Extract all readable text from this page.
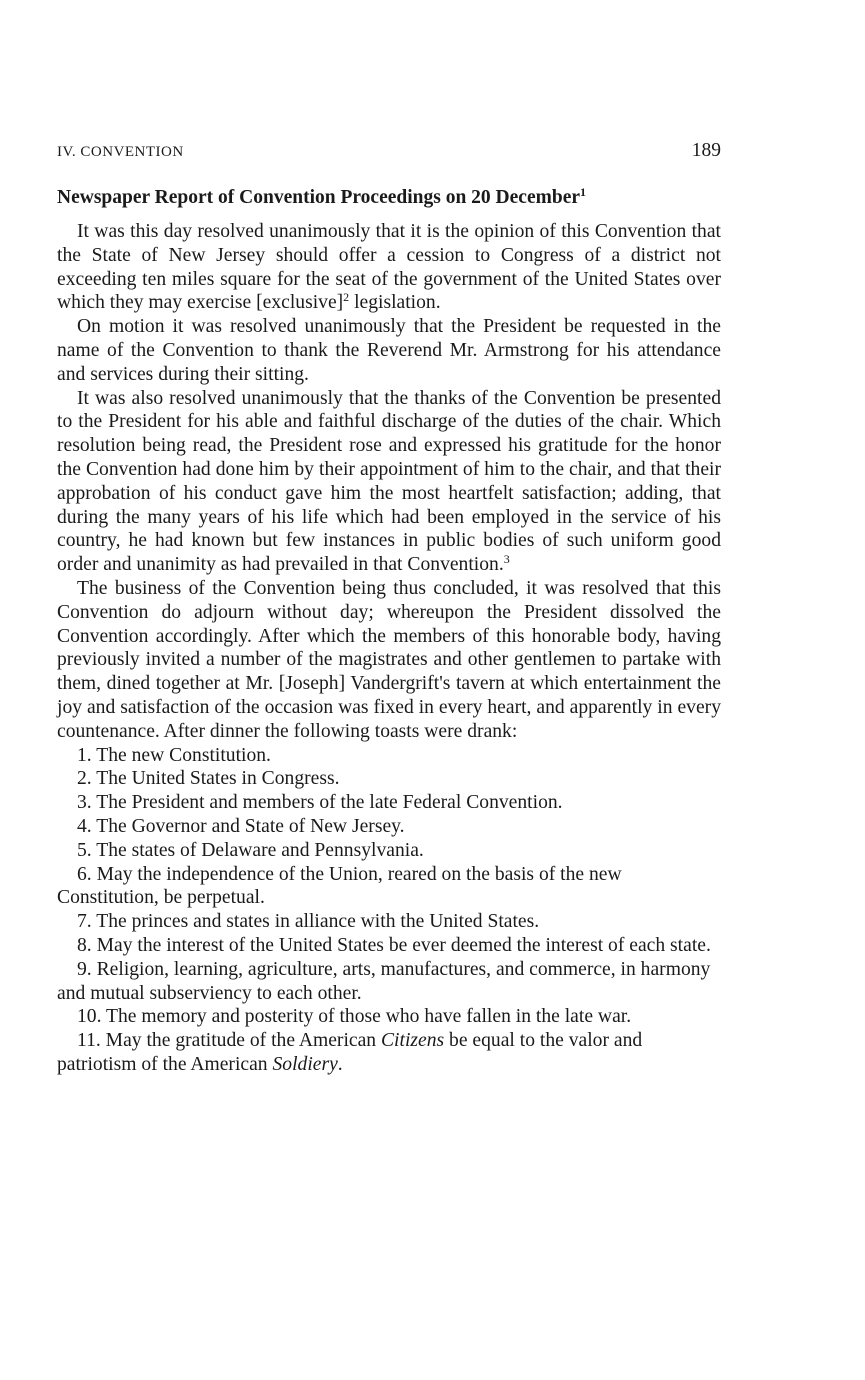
IV. CONVENTION	189
Newspaper Report of Convention Proceedings on 20 December$^1$

It was this day resolved unanimously that it is the opinion of this Convention that the State of New Jersey should offer a cession to Congress of a district not exceeding ten miles square for the seat of the government of the United States over which they may exercise [exclusive]$^2$ legislation.

On motion it was resolved unanimously that the President be requested in the name of the Convention to thank the Reverend Mr. Armstrong for his attendance and services during their sitting.

It was also resolved unanimously that the thanks of the Convention be presented to the President for his able and faithful discharge of the duties of the chair. Which resolution being read, the President rose and expressed his gratitude for the honor the Convention had done him by their appointment of him to the chair, and that their approbation of his conduct gave him the most heartfelt satisfaction; adding, that during the many years of his life which had been employed in the service of his country, he had known but few instances in public bodies of such uniform good order and unanimity as had prevailed in that Convention.$^3$

The business of the Convention being thus concluded, it was resolved that this Convention do adjourn without day; whereupon the President dissolved the Convention accordingly. After which the members of this honorable body, having previously invited a number of the magistrates and other gentlemen to partake with them, dined together at Mr. [Joseph] Vandergrift's tavern at which entertainment the joy and satisfaction of the occasion was fixed in every heart, and apparently in every countenance. After dinner the following toasts were drank:

1. The new Constitution.

2. The United States in Congress.

3. The President and members of the late Federal Convention.

4. The Governor and State of New Jersey.

5. The states of Delaware and Pennsylvania.

6. May the independence of the Union, reared on the basis of the new Constitution, be perpetual.

7. The princes and states in alliance with the United States.

8. May the interest of the United States be ever deemed the interest of each state.

9. Religion, learning, agriculture, arts, manufactures, and commerce, in harmony and mutual subserviency to each other.

10. The memory and posterity of those who have fallen in the late war.

11. May the gratitude of the American Citizens be equal to the valor and patriotism of the American Soldiery.
